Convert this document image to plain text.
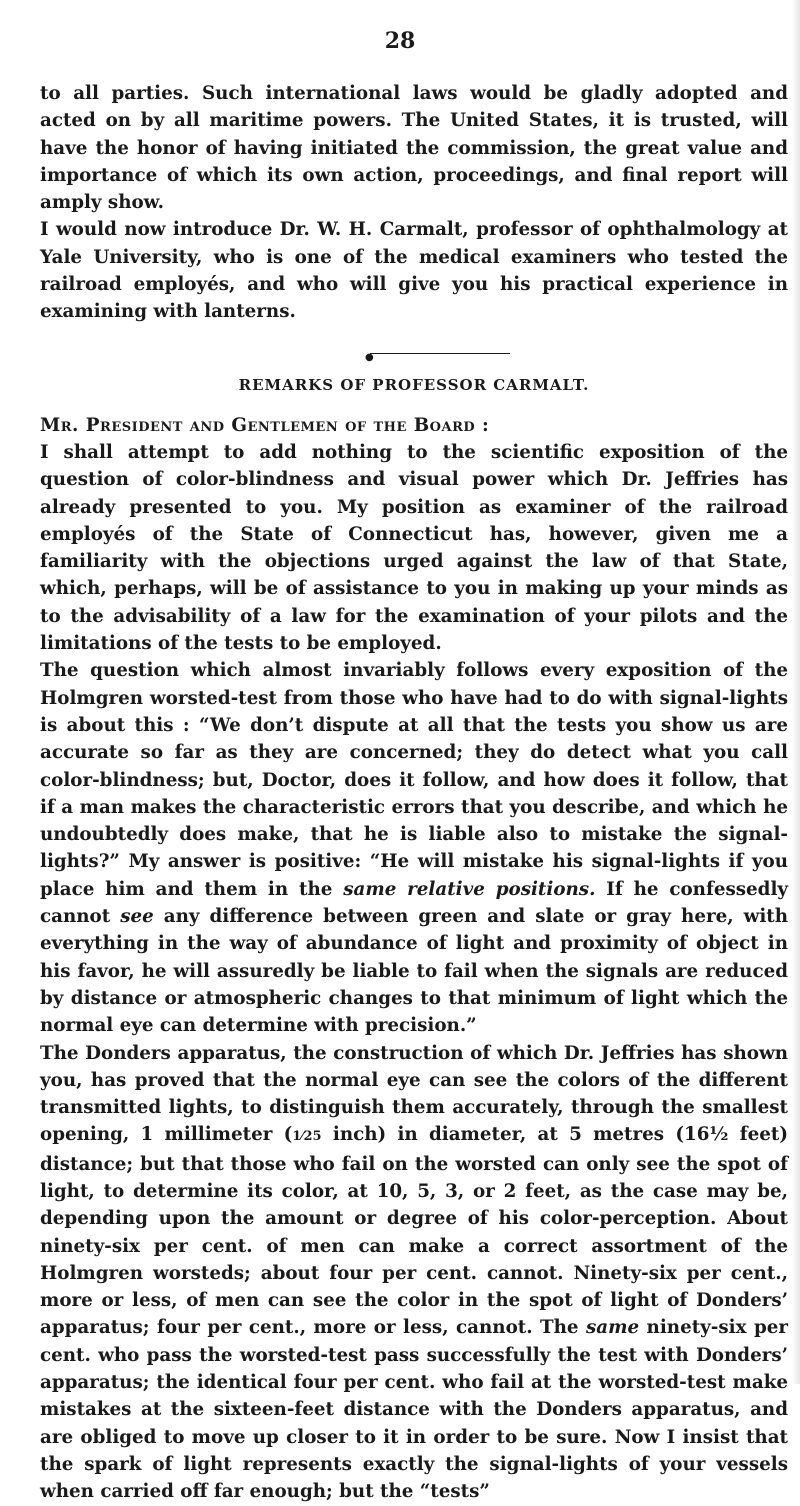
28

to all parties. Such international laws would be gladly adopted and acted on by all maritime powers. The United States, it is trusted, will have the honor of having initiated the commission, the great value and importance of which its own action, proceedings, and final report will amply show.

I would now introduce Dr. W. H. Carmalt, professor of ophthalmology at Yale University, who is one of the medical examiners who tested the railroad employés, and who will give you his practical experience in examining with lanterns.

●

REMARKS OF PROFESSOR CARMALT.

Mr. President and Gentlemen of the Board :

I shall attempt to add nothing to the scientific exposition of the question of color-blindness and visual power which Dr. Jeffries has already presented to you. My position as examiner of the railroad employés of the State of Connecticut has, however, given me a familiarity with the objections urged against the law of that State, which, perhaps, will be of assistance to you in making up your minds as to the advisability of a law for the examination of your pilots and the limitations of the tests to be employed.

The question which almost invariably follows every exposition of the Holmgren worsted-test from those who have had to do with signal-lights is about this : “We don’t dispute at all that the tests you show us are accurate so far as they are concerned; they do detect what you call color-blindness; but, Doctor, does it follow, and how does it follow, that if a man makes the characteristic errors that you describe, and which he undoubtedly does make, that he is liable also to mistake the signal-lights?” My answer is positive: “He will mistake his signal-lights if you place him and them in the same relative positions. If he confessedly cannot see any difference between green and slate or gray here, with everything in the way of abundance of light and proximity of object in his favor, he will assuredly be liable to fail when the signals are reduced by distance or atmospheric changes to that minimum of light which the normal eye can determine with precision.”

The Donders apparatus, the construction of which Dr. Jeffries has shown you, has proved that the normal eye can see the colors of the different transmitted lights, to distinguish them accurately, through the smallest opening, 1 millimeter (1⁄25 inch) in diameter, at 5 metres (16½ feet) distance; but that those who fail on the worsted can only see the spot of light, to determine its color, at 10, 5, 3, or 2 feet, as the case may be, depending upon the amount or degree of his color-perception. About ninety-six per cent. of men can make a correct assortment of the Holmgren worsteds; about four per cent. cannot. Ninety-six per cent., more or less, of men can see the color in the spot of light of Donders’ apparatus; four per cent., more or less, cannot. The same ninety-six per cent. who pass the worsted-test pass successfully the test with Donders’ apparatus; the identical four per cent. who fail at the worsted-test make mistakes at the sixteen-feet distance with the Donders apparatus, and are obliged to move up closer to it in order to be sure. Now I insist that the spark of light represents exactly the signal-lights of your vessels when carried off far enough; but the “tests”
